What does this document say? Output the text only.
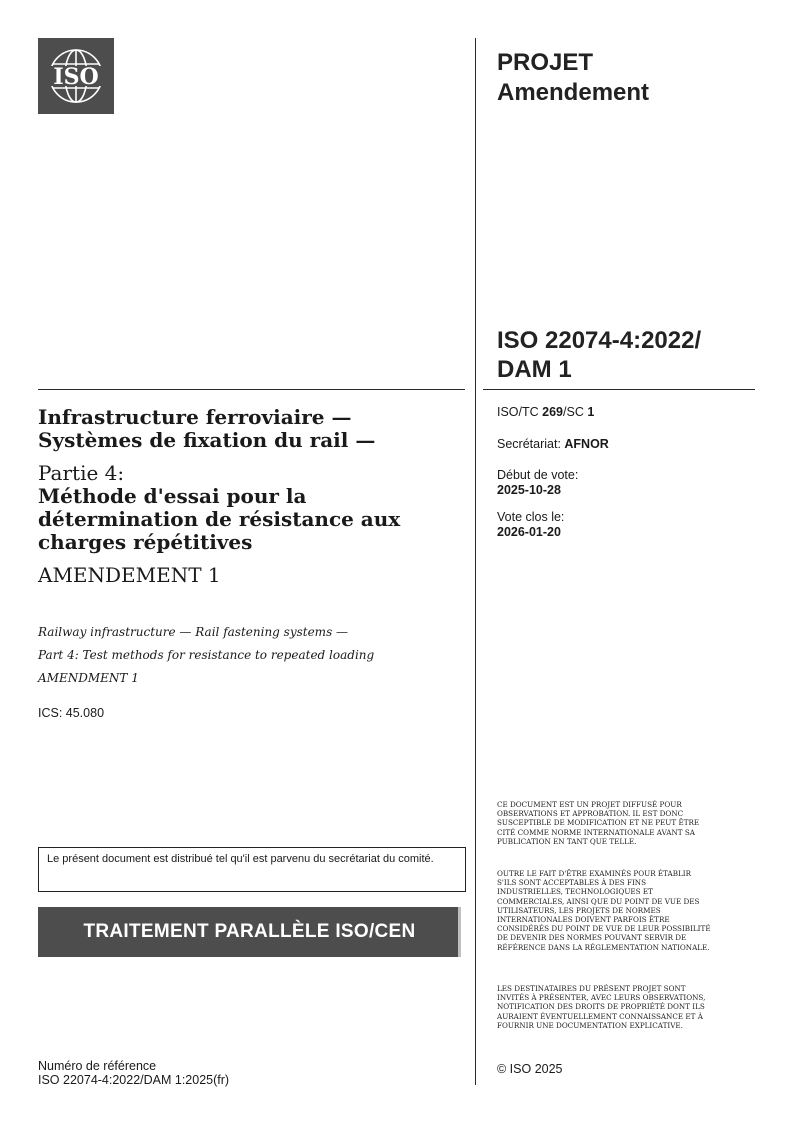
ISO
PROJET
Amendement
ISO 22074-4:2022/
DAM 1
ISO/TC 269/SC 1
Secrétariat: AFNOR
Début de vote:
2025-10-28
Vote clos le:
2026-01-20
Infrastructure ferroviaire —
Systèmes de fixation du rail —
Partie 4:
Méthode d'essai pour la détermination de résistance aux charges répétitives
AMENDEMENT 1
Railway infrastructure — Rail fastening systems —
Part 4: Test methods for resistance to repeated loading
AMENDMENT 1
ICS: 45.080
Le présent document est distribué tel qu'il est parvenu du secrétariat du comité.
TRAITEMENT PARALLÈLE ISO/CEN
Numéro de référence
ISO 22074-4:2022/DAM 1:2025(fr)
CE DOCUMENT EST UN PROJET DIFFUSÉ POUR OBSERVATIONS ET APPROBATION. IL EST DONC SUSCEPTIBLE DE MODIFICATION ET NE PEUT ÊTRE CITÉ COMME NORME INTERNATIONALE AVANT SA PUBLICATION EN TANT QUE TELLE.
OUTRE LE FAIT D'ÊTRE EXAMINÉS POUR ÉTABLIR S'ILS SONT ACCEPTABLES À DES FINS INDUSTRIELLES, TECHNOLOGIQUES ET COMMERCIALES, AINSI QUE DU POINT DE VUE DES UTILISATEURS, LES PROJETS DE NORMES INTERNATIONALES DOIVENT PARFOIS ÊTRE CONSIDÉRÉS DU POINT DE VUE DE LEUR POSSIBILITÉ DE DEVENIR DES NORMES POUVANT SERVIR DE RÉFÉRENCE DANS LA RÉGLEMENTATION NATIONALE.
LES DESTINATAIRES DU PRÉSENT PROJET SONT INVITÉS À PRÉSENTER, AVEC LEURS OBSERVATIONS, NOTIFICATION DES DROITS DE PROPRIÉTÉ DONT ILS AURAIENT ÉVENTUELLEMENT CONNAISSANCE ET À FOURNIR UNE DOCUMENTATION EXPLICATIVE.
© ISO 2025
